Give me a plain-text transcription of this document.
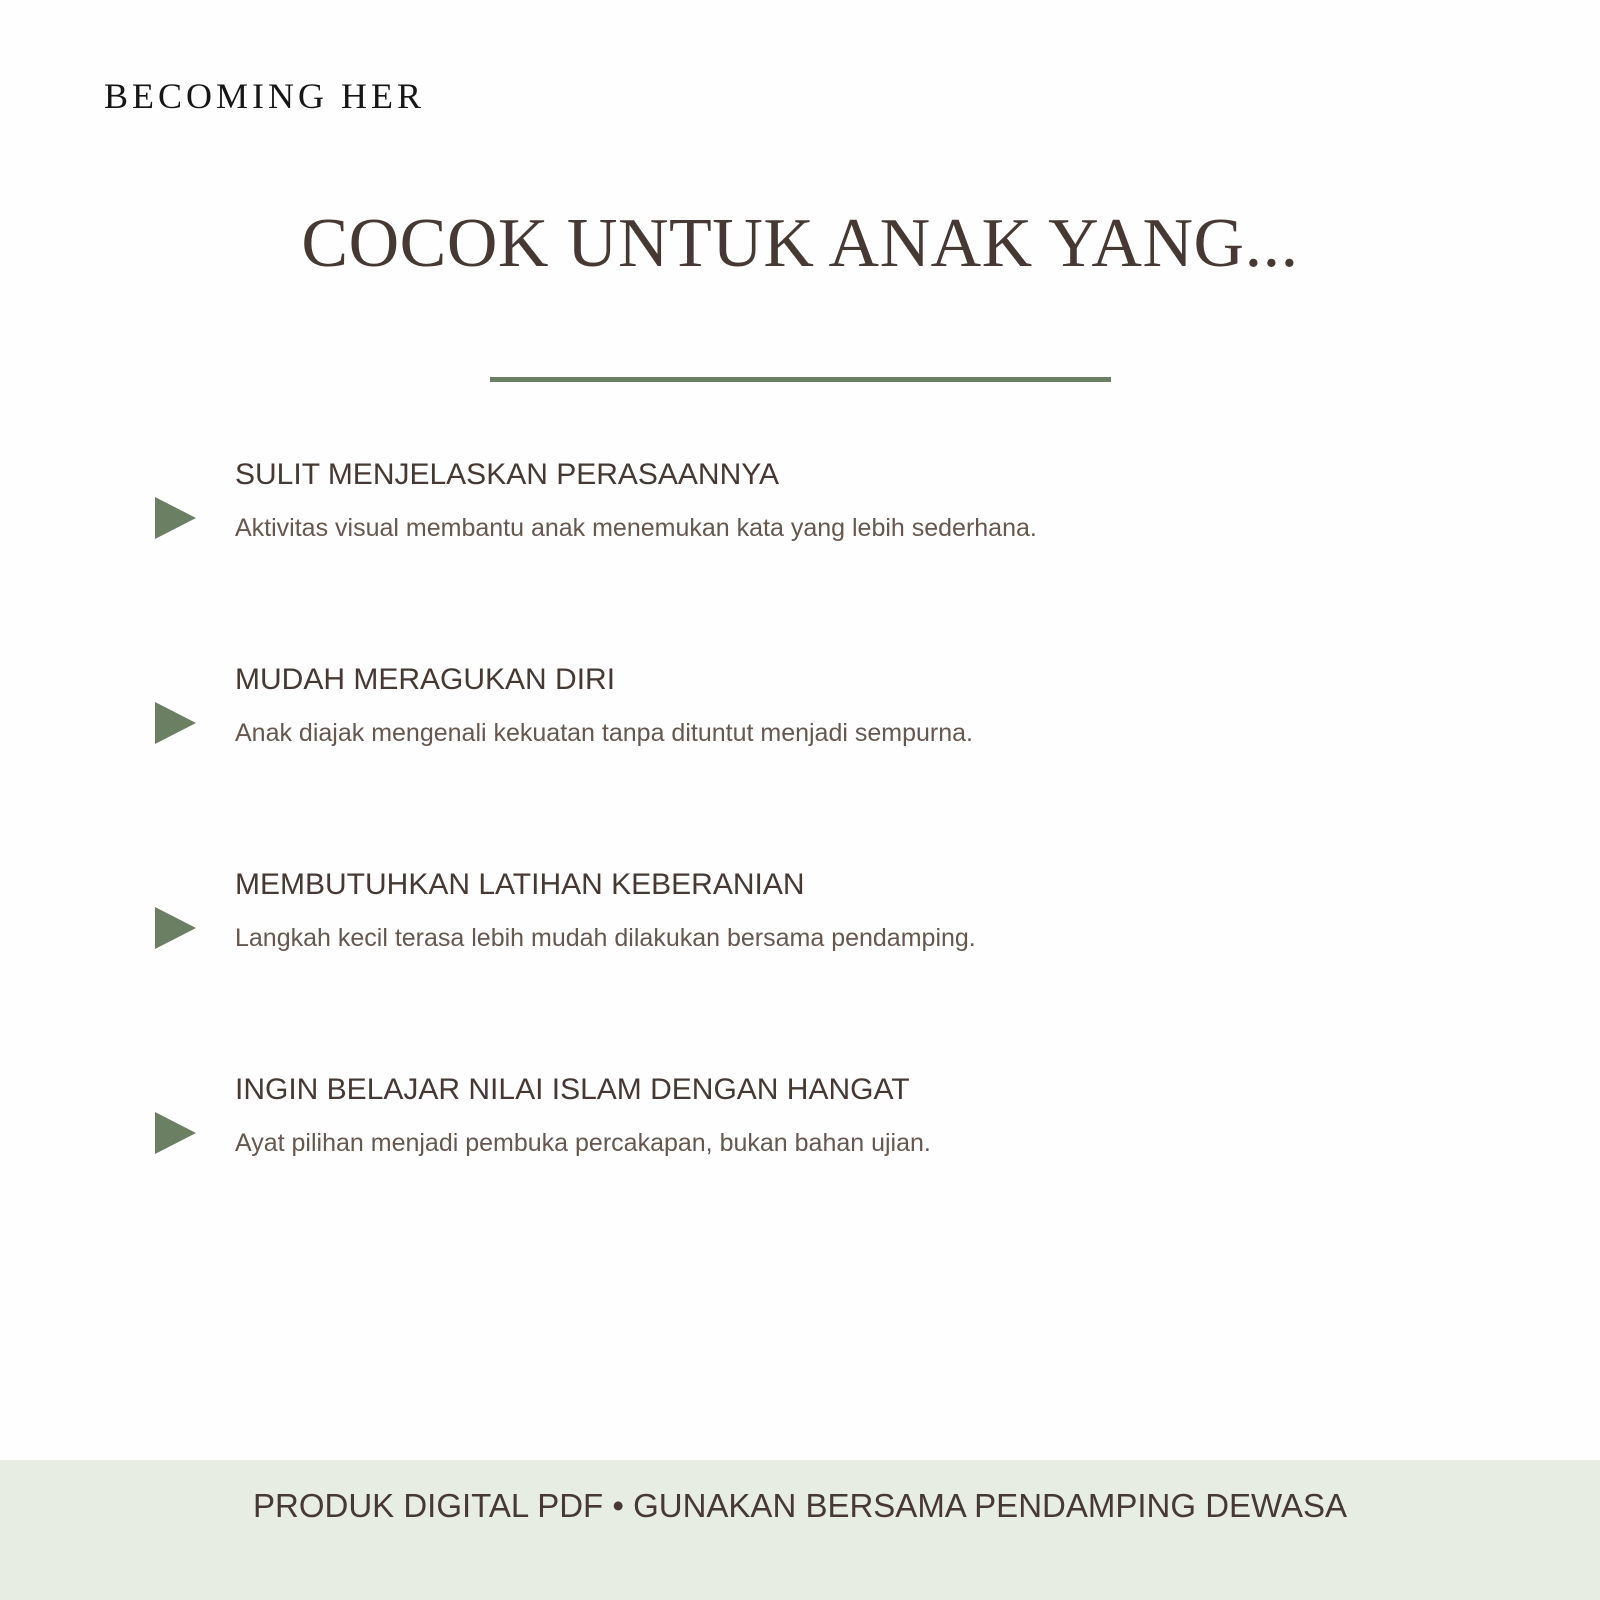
BECOMING HER
COCOK UNTUK ANAK YANG...
SULIT MENJELASKAN PERASAANNYA
Aktivitas visual membantu anak menemukan kata yang lebih sederhana.
MUDAH MERAGUKAN DIRI
Anak diajak mengenali kekuatan tanpa dituntut menjadi sempurna.
MEMBUTUHKAN LATIHAN KEBERANIAN
Langkah kecil terasa lebih mudah dilakukan bersama pendamping.
INGIN BELAJAR NILAI ISLAM DENGAN HANGAT
Ayat pilihan menjadi pembuka percakapan, bukan bahan ujian.
PRODUK DIGITAL PDF • GUNAKAN BERSAMA PENDAMPING DEWASA
